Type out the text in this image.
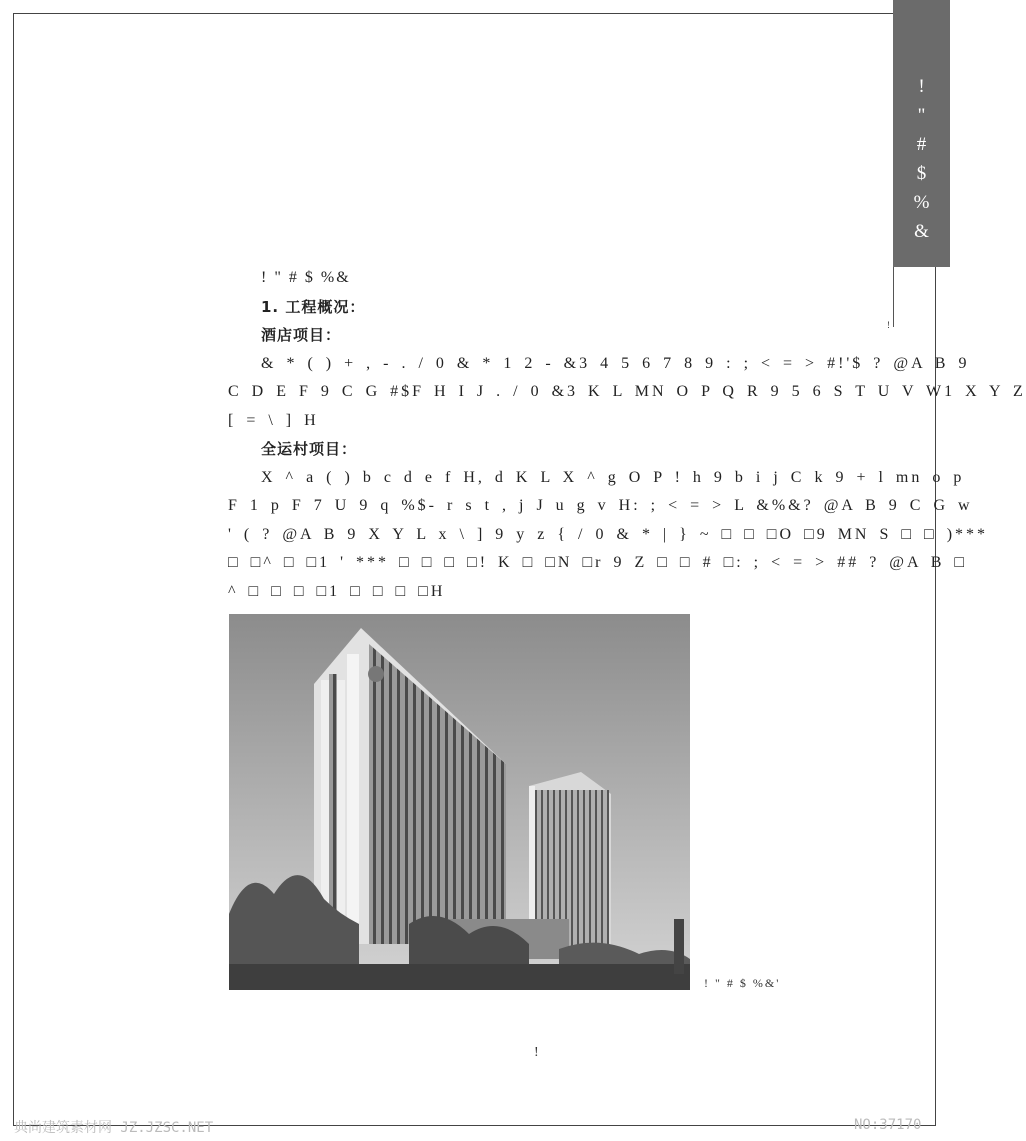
!
"
#
$
%
&
!
! " # $ %&
1. 工程概况：
酒店项目：
& * ( ) + , - . / 0 & * 1 2 - &3 4 5 6 7 8 9 : ; < = > #!'$ ? @A B 9
C D E F 9 C G #$F H I J . / 0 &3 K L MN O P Q R 9 5 6 S T U V W1 X Y Z
[ = \ ] H
全运村项目：
X ^ a ( ) b c d e f H, d K L X ^ g O P ! h 9 b i j C k 9 + l mn o p
F 1 p F 7 U 9 q %$- r s t , j J u g v H: ; < = > L &%&? @A B 9 C G w
' ( ? @A B 9 X Y L x \ ] 9 y z { / 0 & * | } ~ □ □ □O □9 MN S □ □ )***
□ □^ □ □1 ' *** □ □ □ □! K □ □N □r 9 Z □ □ # □: ; < = > ## ? @A B □
^ □ □ □ □1 □ □ □ □H
! " # $ %&'
!
典尚建筑素材网 JZ.JZSC.NET	NO:37170
